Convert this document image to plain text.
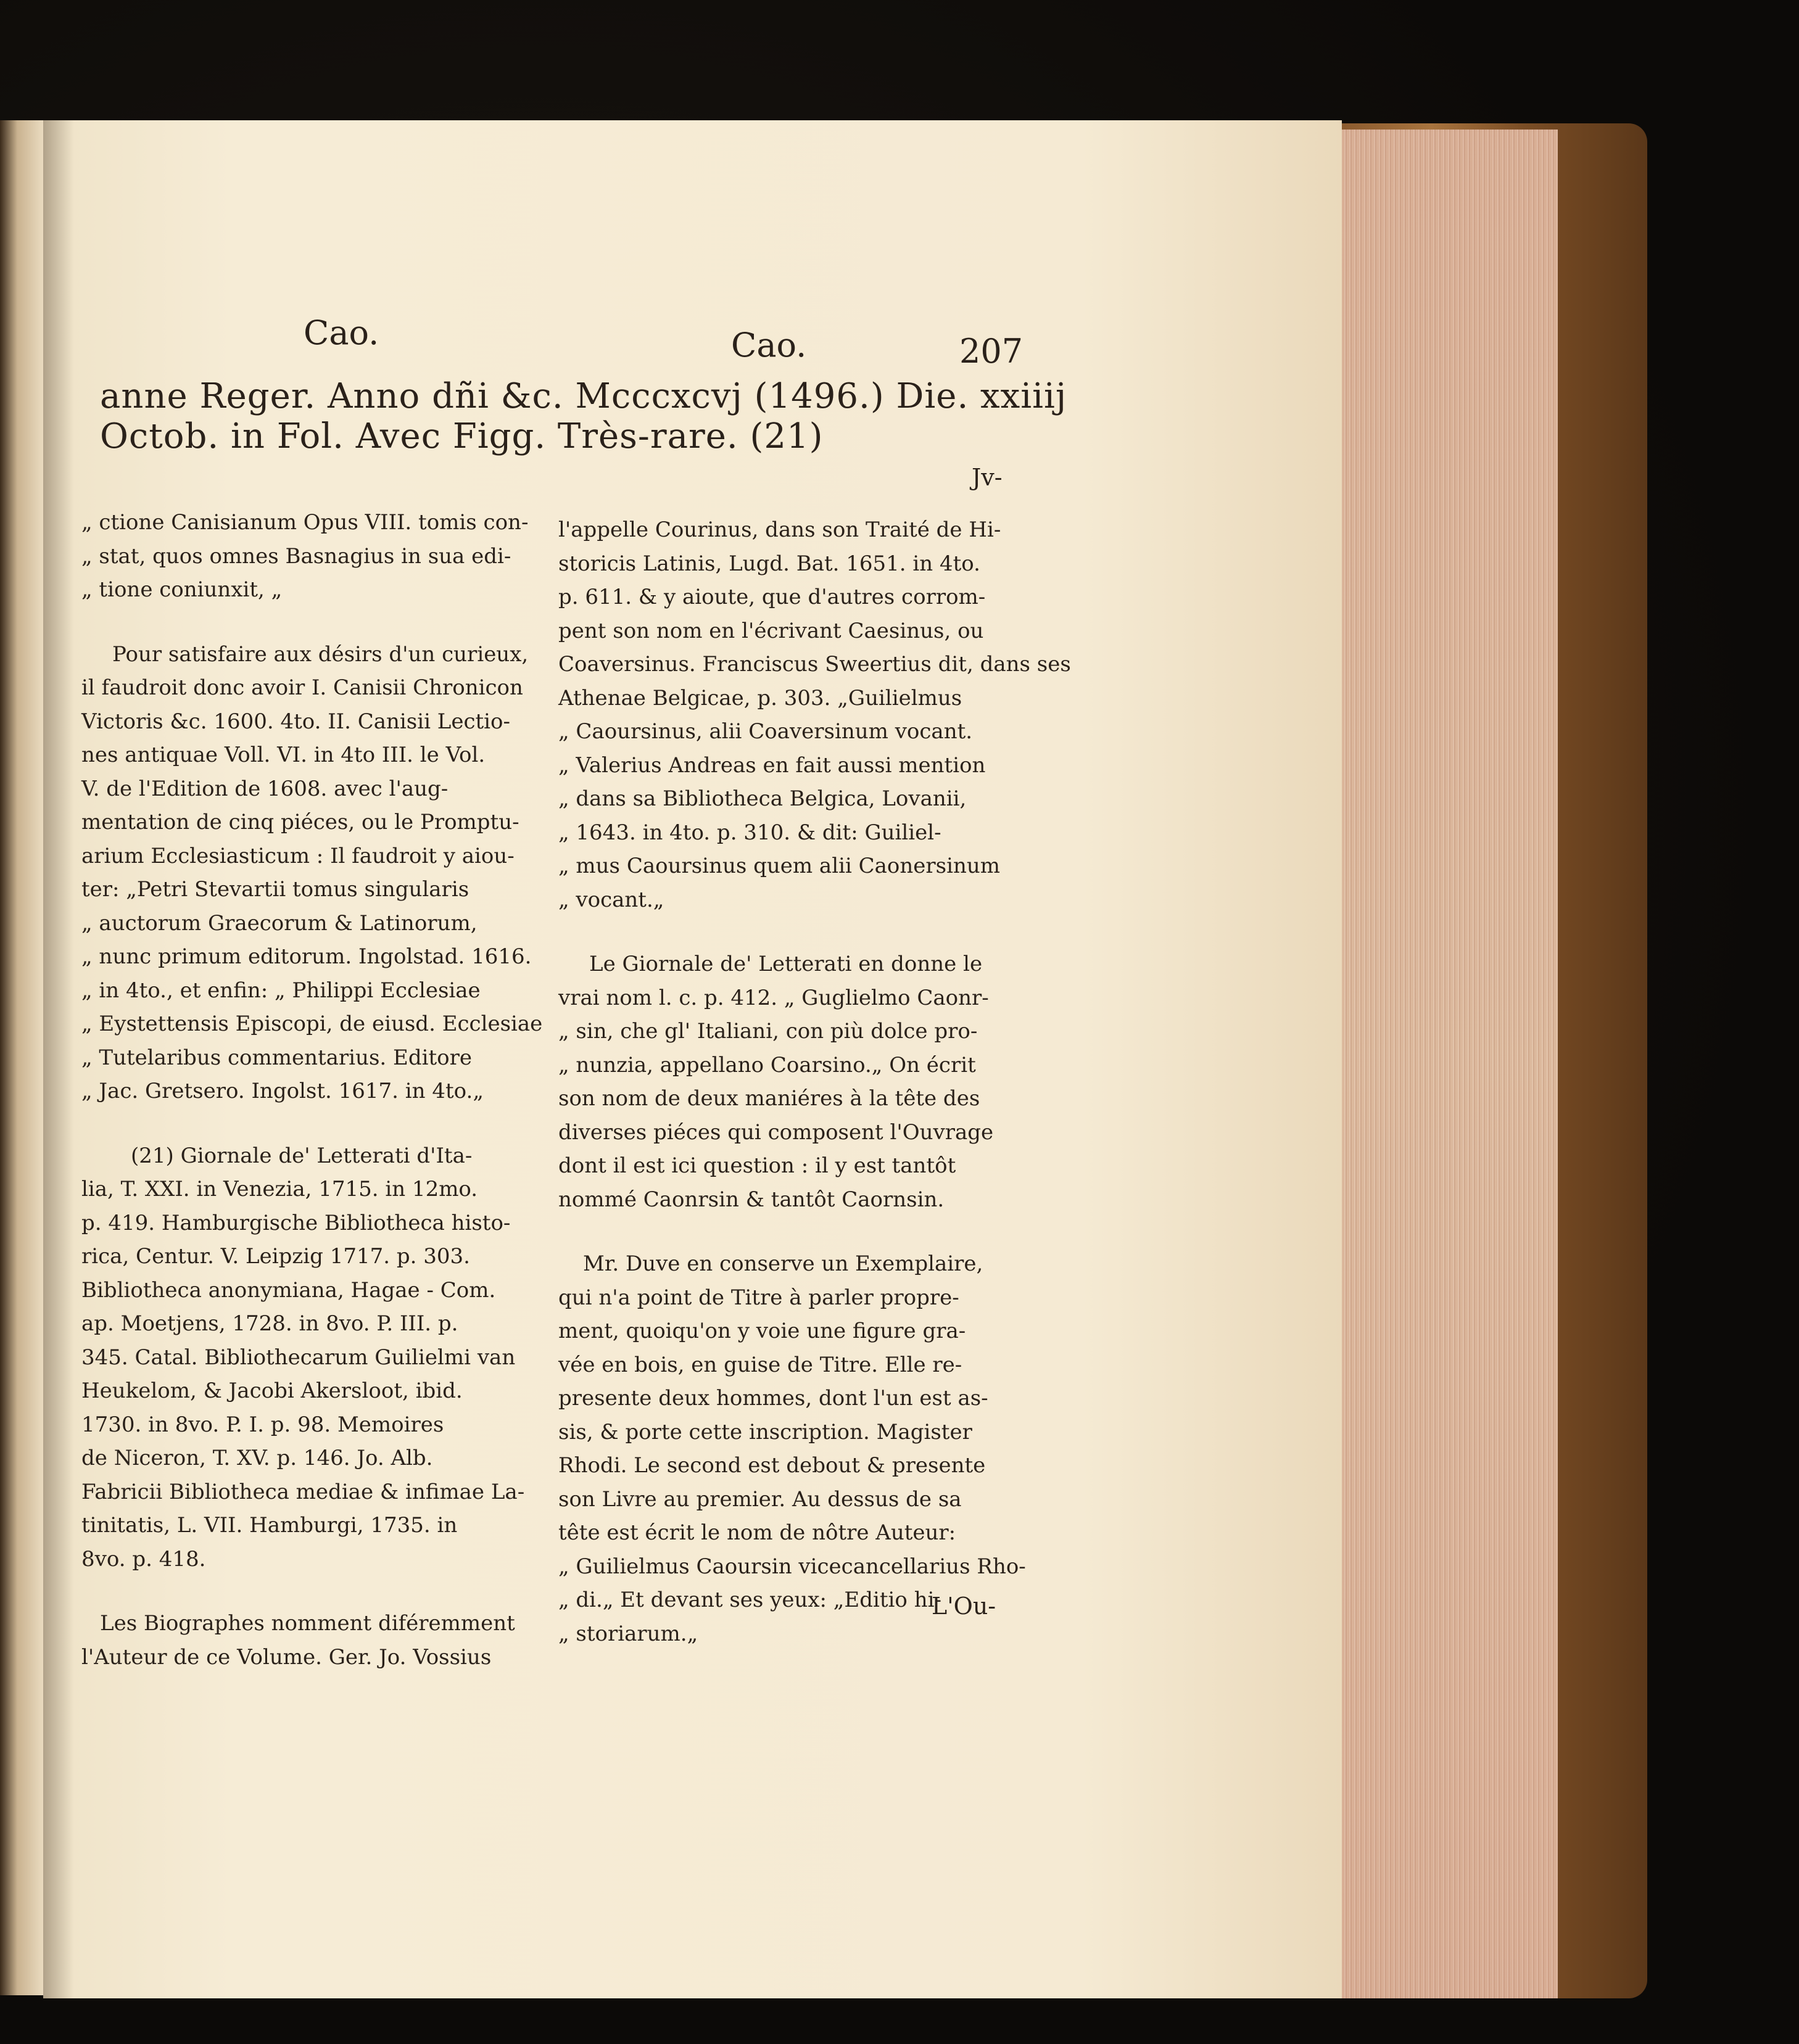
Cao.	Cao.	207
anne Reger. Anno dñi &c. Mcccxcvj (1496.) Die. xxiiij
Octob. in Fol. Avec Figg. Très-rare. (21)
Jv-
„ ctione Canisianum Opus VIII. tomis con-
„ stat, quos omnes Basnagius in sua edi-
„ tione coniunxit, „
Pour satisfaire aux désirs d'un curieux,
il faudroit donc avoir I. Canisii Chronicon
Victoris &c. 1600. 4to. II. Canisii Lectio-
nes antiquae Voll. VI. in 4to III. le Vol.
V. de l'Edition de 1608. avec l'aug-
mentation de cinq piéces, ou le Promptu-
arium Ecclesiasticum : Il faudroit y aiou-
ter: „Petri Stevartii tomus singularis
„ auctorum Graecorum & Latinorum,
„ nunc primum editorum. Ingolstad. 1616.
„ in 4to., et enfin: „ Philippi Ecclesiae
„ Eystettensis Episcopi, de eiusd. Ecclesiae
„ Tutelaribus commentarius. Editore
„ Jac. Gretsero. Ingolst. 1617. in 4to.„
(21) Giornale de' Letterati d'Ita-
lia, T. XXI. in Venezia, 1715. in 12mo.
p. 419. Hamburgische Bibliotheca histo-
rica, Centur. V. Leipzig 1717. p. 303.
Bibliotheca anonymiana, Hagae - Com.
ap. Moetjens, 1728. in 8vo. P. III. p.
345. Catal. Bibliothecarum Guilielmi van
Heukelom, & Jacobi Akersloot, ibid.
1730. in 8vo. P. I. p. 98. Memoires
de Niceron, T. XV. p. 146. Jo. Alb.
Fabricii Bibliotheca mediae & infimae La-
tinitatis, L. VII. Hamburgi, 1735. in
8vo. p. 418.
Les Biographes nomment diféremment
l'Auteur de ce Volume. Ger. Jo. Vossius
l'appelle Courinus, dans son Traité de Hi-
storicis Latinis, Lugd. Bat. 1651. in 4to.
p. 611. & y aioute, que d'autres corrom-
pent son nom en l'écrivant Caesinus, ou
Coaversinus. Franciscus Sweertius dit, dans ses
Athenae Belgicae, p. 303. „Guilielmus
„ Caoursinus, alii Coaversinum vocant.
„ Valerius Andreas en fait aussi mention
„ dans sa Bibliotheca Belgica, Lovanii,
„ 1643. in 4to. p. 310. & dit: Guiliel-
„ mus Caoursinus quem alii Caonersinum
„ vocant.„
Le Giornale de' Letterati en donne le
vrai nom l. c. p. 412. „ Guglielmo Caonr-
„ sin, che gl' Italiani, con più dolce pro-
„ nunzia, appellano Coarsino.„ On écrit
son nom de deux maniéres à la tête des
diverses piéces qui composent l'Ouvrage
dont il est ici question : il y est tantôt
nommé Caonrsin & tantôt Caornsin.
Mr. Duve en conserve un Exemplaire,
qui n'a point de Titre à parler propre-
ment, quoiqu'on y voie une figure gra-
vée en bois, en guise de Titre. Elle re-
presente deux hommes, dont l'un est as-
sis, & porte cette inscription. Magister
Rhodi. Le second est debout & presente
son Livre au premier. Au dessus de sa
tête est écrit le nom de nôtre Auteur:
„ Guilielmus Caoursin vicecancellarius Rho-
„ di.„ Et devant ses yeux: „Editio hi-
„ storiarum.„
L'Ou-
